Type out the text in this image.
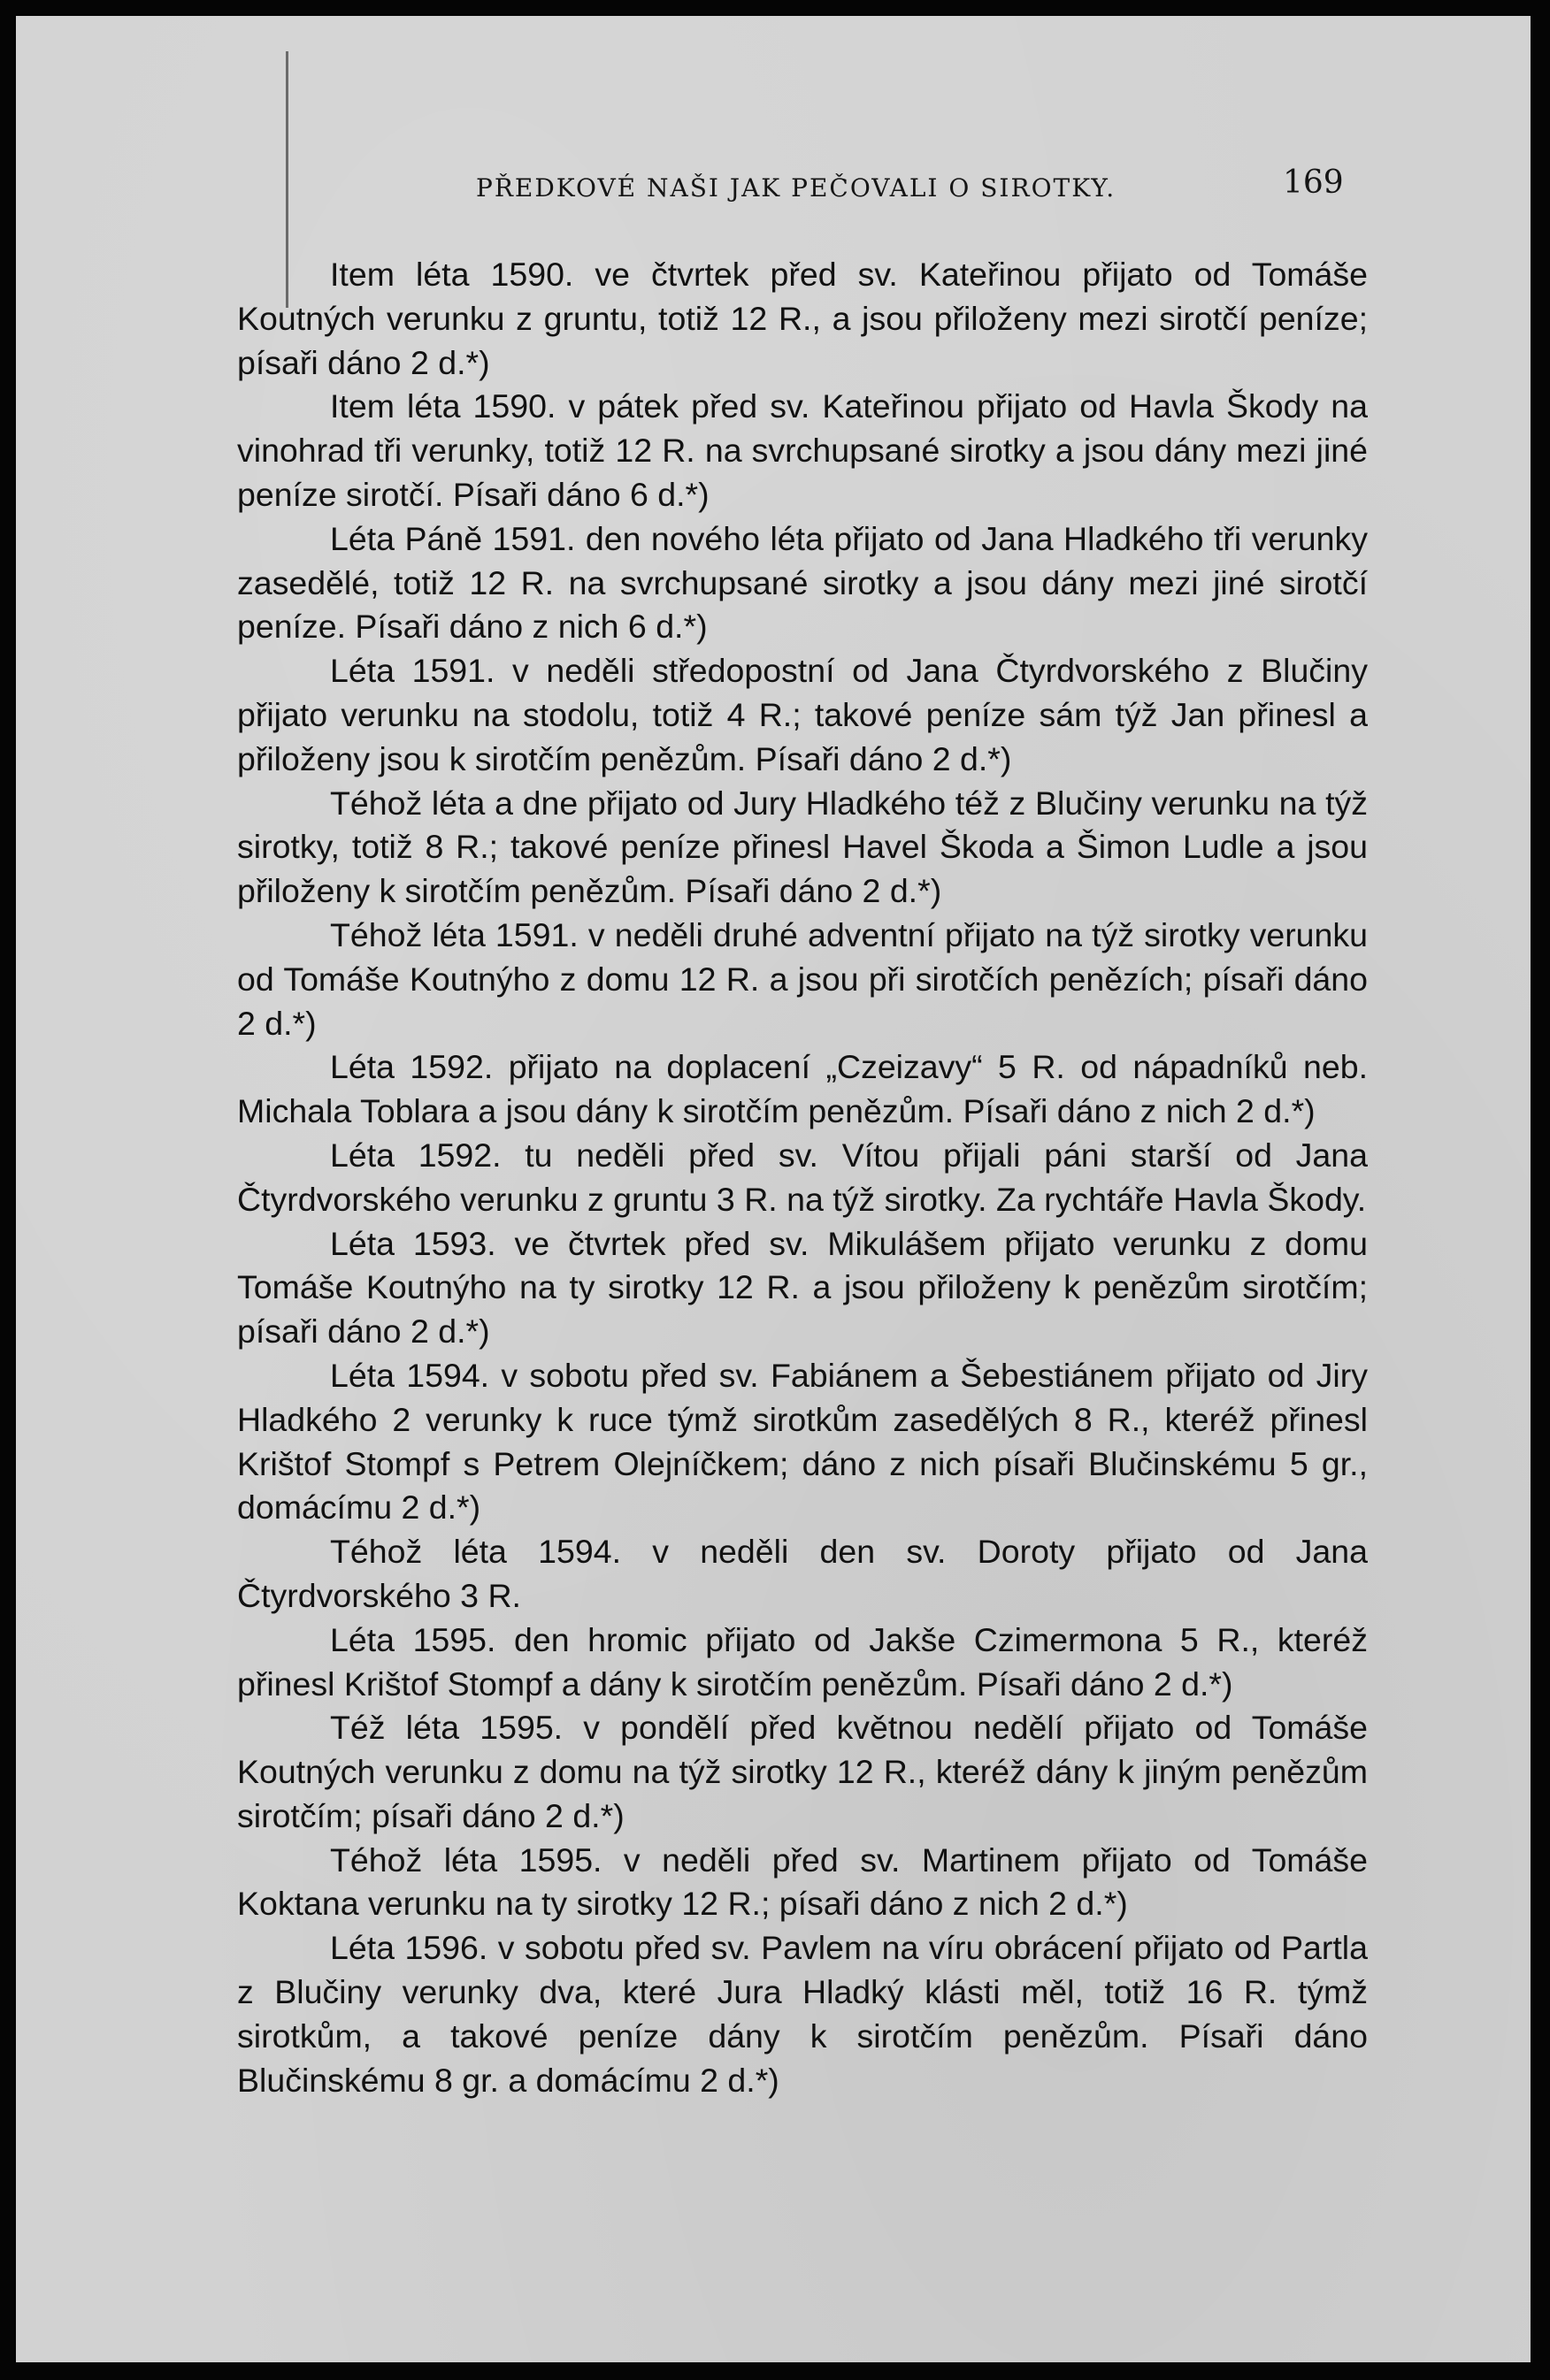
PŘEDKOVÉ NAŠI JAK PEČOVALI O SIROTKY.	169

Item léta 1590. ve čtvrtek před sv. Kateřinou přijato od Tomáše Koutných verunku z gruntu, totiž 12 R., a jsou přiloženy mezi sirotčí peníze; písaři dáno 2 d.*)

Item léta 1590. v pátek před sv. Kateřinou přijato od Havla Škody na vinohrad tři verunky, totiž 12 R. na svrchupsané sirotky a jsou dány mezi jiné peníze sirotčí. Písaři dáno 6 d.*)

Léta Páně 1591. den nového léta přijato od Jana Hladkého tři verunky zasedělé, totiž 12 R. na svrchupsané sirotky a jsou dány mezi jiné sirotčí peníze. Písaři dáno z nich 6 d.*)

Léta 1591. v neděli středopostní od Jana Čtyrdvorského z Blučiny přijato verunku na stodolu, totiž 4 R.; takové peníze sám týž Jan přinesl a přiloženy jsou k sirotčím penězům. Písaři dáno 2 d.*)

Téhož léta a dne přijato od Jury Hladkého též z Blučiny verunku na týž sirotky, totiž 8 R.; takové peníze přinesl Havel Škoda a Šimon Ludle a jsou přiloženy k sirotčím penězům. Písaři dáno 2 d.*)

Téhož léta 1591. v neděli druhé adventní přijato na týž sirotky verunku od Tomáše Koutnýho z domu 12 R. a jsou při sirotčích penězích; písaři dáno 2 d.*)

Léta 1592. přijato na doplacení „Czeizavy“ 5 R. od nápadníků neb. Michala Toblara a jsou dány k sirotčím penězům. Písaři dáno z nich 2 d.*)

Léta 1592. tu neděli před sv. Vítou přijali páni starší od Jana Čtyrdvorského verunku z gruntu 3 R. na týž sirotky. Za rychtáře Havla Škody.

Léta 1593. ve čtvrtek před sv. Mikulášem přijato verunku z domu Tomáše Koutnýho na ty sirotky 12 R. a jsou přiloženy k penězům sirotčím; písaři dáno 2 d.*)

Léta 1594. v sobotu před sv. Fabiánem a Šebestiánem přijato od Jiry Hladkého 2 verunky k ruce týmž sirotkům zasedělých 8 R., kteréž přinesl Krištof Stompf s Petrem Olejníčkem; dáno z nich písaři Blučinskému 5 gr., domácímu 2 d.*)

Téhož léta 1594. v neděli den sv. Doroty přijato od Jana Čtyrdvorského 3 R.

Léta 1595. den hromic přijato od Jakše Czimermona 5 R., kteréž přinesl Krištof Stompf a dány k sirotčím penězům. Písaři dáno 2 d.*)

Též léta 1595. v pondělí před květnou nedělí přijato od Tomáše Koutných verunku z domu na týž sirotky 12 R., kteréž dány k jiným penězům sirotčím; písaři dáno 2 d.*)

Téhož léta 1595. v neděli před sv. Martinem přijato od Tomáše Koktana verunku na ty sirotky 12 R.; písaři dáno z nich 2 d.*)

Léta 1596. v sobotu před sv. Pavlem na víru obrácení přijato od Partla z Blučiny verunky dva, které Jura Hladký klásti měl, totiž 16 R. týmž sirotkům, a takové peníze dány k sirotčím penězům. Písaři dáno Blučinskému 8 gr. a domácímu 2 d.*)
